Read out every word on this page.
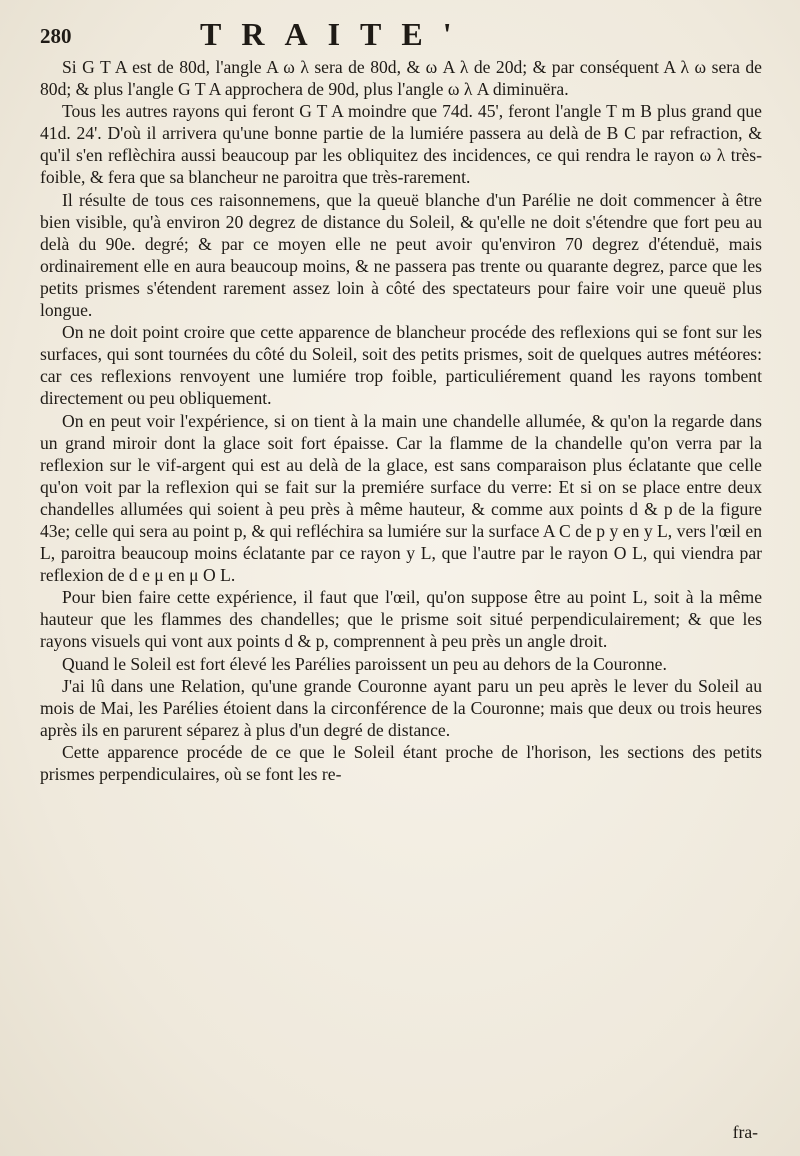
280	TRAITE'

Si G T A est de 80d, l'angle A ω λ sera de 80d, & ω A λ de 20d; & par conséquent A λ ω sera de 80d; & plus l'angle G T A approchera de 90d, plus l'angle ω λ A diminuëra.

Tous les autres rayons qui feront G T A moindre que 74d. 45', feront l'angle T m B plus grand que 41d. 24'. D'où il arrivera qu'une bonne partie de la lumiére passera au delà de B C par refraction, & qu'il s'en reflèchira aussi beaucoup par les obliquitez des incidences, ce qui rendra le rayon ω λ très-foible, & fera que sa blancheur ne paroitra que très-rarement.

Il résulte de tous ces raisonnemens, que la queuë blanche d'un Parélie ne doit commencer à être bien visible, qu'à environ 20 degrez de distance du Soleil, & qu'elle ne doit s'étendre que fort peu au delà du 90e. degré; & par ce moyen elle ne peut avoir qu'environ 70 degrez d'étenduë, mais ordinairement elle en aura beaucoup moins, & ne passera pas trente ou quarante degrez, parce que les petits prismes s'étendent rarement assez loin à côté des spectateurs pour faire voir une queuë plus longue.

On ne doit point croire que cette apparence de blancheur procéde des reflexions qui se font sur les surfaces, qui sont tournées du côté du Soleil, soit des petits prismes, soit de quelques autres météores: car ces reflexions renvoyent une lumiére trop foible, particuliérement quand les rayons tombent directement ou peu obliquement.

On en peut voir l'expérience, si on tient à la main une chandelle allumée, & qu'on la regarde dans un grand miroir dont la glace soit fort épaisse. Car la flamme de la chandelle qu'on verra par la reflexion sur le vif-argent qui est au delà de la glace, est sans comparaison plus éclatante que celle qu'on voit par la reflexion qui se fait sur la premiére surface du verre: Et si on se place entre deux chandelles allumées qui soient à peu près à même hauteur, & comme aux points d & p de la figure 43e; celle qui sera au point p, & qui refléchira sa lumiére sur la surface A C de p y en y L, vers l'œil en L, paroitra beaucoup moins éclatante par ce rayon y L, que l'autre par le rayon O L, qui viendra par reflexion de d e μ en μ O L.

Pour bien faire cette expérience, il faut que l'œil, qu'on suppose être au point L, soit à la même hauteur que les flammes des chandelles; que le prisme soit situé perpendiculairement; & que les rayons visuels qui vont aux points d & p, comprennent à peu près un angle droit.

Quand le Soleil est fort élevé les Parélies paroissent un peu au dehors de la Couronne.

J'ai lû dans une Relation, qu'une grande Couronne ayant paru un peu après le lever du Soleil au mois de Mai, les Parélies étoient dans la circonférence de la Couronne; mais que deux ou trois heures après ils en parurent séparez à plus d'un degré de distance.

Cette apparence procéde de ce que le Soleil étant proche de l'horison, les sections des petits prismes perpendiculaires, où se font les re-

fra-
